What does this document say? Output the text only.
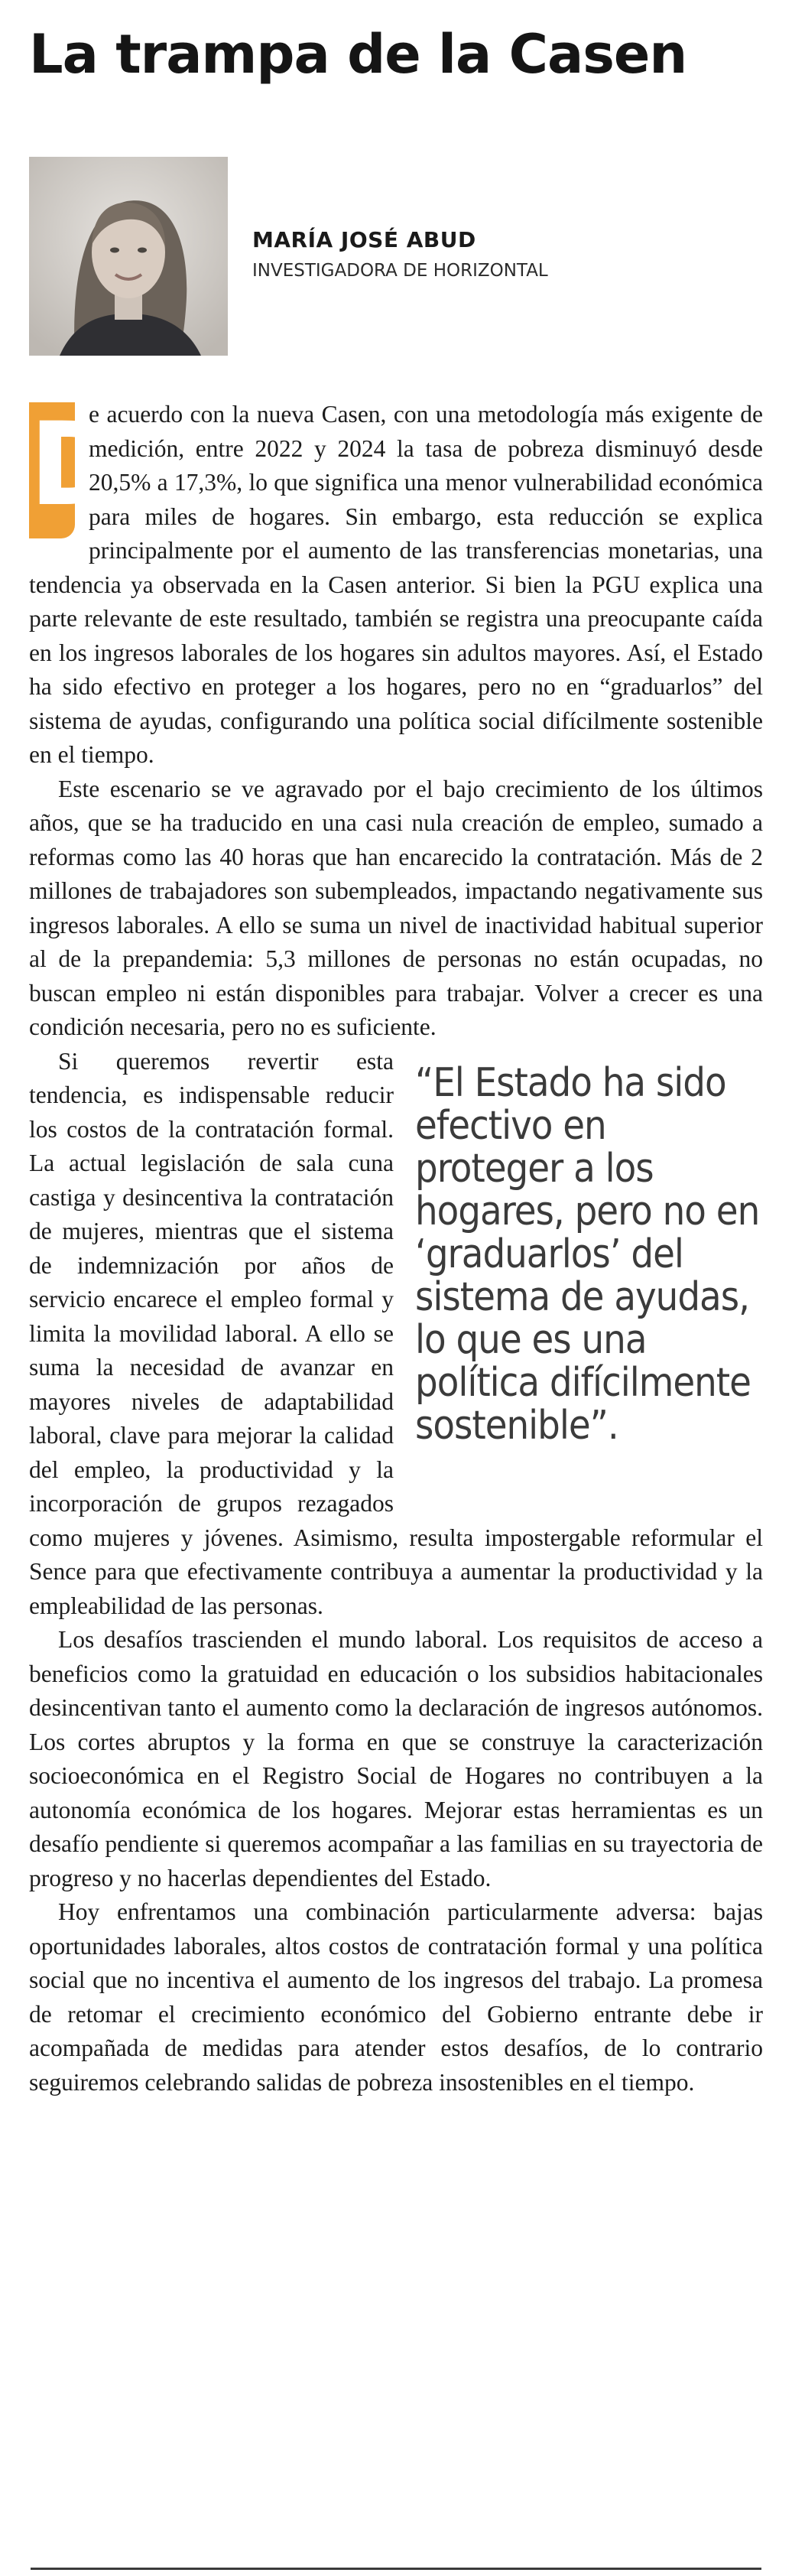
La trampa de la Casen
MARÍA JOSÉ ABUD
INVESTIGADORA DE HORIZONTAL

D
e acuerdo con la nueva Casen, con una metodología más exigente de medición, entre 2022 y 2024 la tasa de pobreza disminuyó desde 20,5% a 17,3%, lo que significa una menor vulnerabilidad económica para miles de hogares. Sin embargo, esta reducción se explica principalmente por el aumento de las transferencias monetarias, una tendencia ya observada en la Casen anterior. Si bien la PGU explica una parte relevante de este resultado, también se registra una preocupante caída en los ingresos laborales de los hogares sin adultos mayores. Así, el Estado ha sido efectivo en proteger a los hogares, pero no en “graduarlos” del sistema de ayudas, configurando una política social difícilmente sostenible en el tiempo.

Este escenario se ve agravado por el bajo crecimiento de los últimos años, que se ha traducido en una casi nula creación de empleo, sumado a reformas como las 40 horas que han encarecido la contratación. Más de 2 millones de trabajadores son subempleados, impactando negativamente sus ingresos laborales. A ello se suma un nivel de inactividad habitual superior al de la prepandemia: 5,3 millones de personas no están ocupadas, no buscan empleo ni están disponibles para trabajar. Volver a crecer es una condición necesaria, pero no es suficiente.

“El Estado ha sido efectivo en proteger a los hogares, pero no en ‘graduarlos’ del sistema de ayudas, lo que es una política difícilmente sostenible”.
Si queremos revertir esta tendencia, es indispensable reducir los costos de la contratación formal. La actual legislación de sala cuna castiga y desincentiva la contratación de mujeres, mientras que el sistema de indemnización por años de servicio encarece el empleo formal y limita la movilidad laboral. A ello se suma la necesidad de avanzar en mayores niveles de adaptabilidad laboral, clave para mejorar la calidad del empleo, la productividad y la incorporación de grupos rezagados como mujeres y jóvenes. Asimismo, resulta impostergable reformular el Sence para que efectivamente contribuya a aumentar la productividad y la empleabilidad de las personas.

Los desafíos trascienden el mundo laboral. Los requisitos de acceso a beneficios como la gratuidad en educación o los subsidios habitacionales desincentivan tanto el aumento como la declaración de ingresos autónomos. Los cortes abruptos y la forma en que se construye la caracterización socioeconómica en el Registro Social de Hogares no contribuyen a la autonomía económica de los hogares. Mejorar estas herramientas es un desafío pendiente si queremos acompañar a las familias en su trayectoria de progreso y no hacerlas dependientes del Estado.

Hoy enfrentamos una combinación particularmente adversa: bajas oportunidades laborales, altos costos de contratación formal y una política social que no incentiva el aumento de los ingresos del trabajo. La promesa de retomar el crecimiento económico del Gobierno entrante debe ir acompañada de medidas para atender estos desafíos, de lo contrario seguiremos celebrando salidas de pobreza insostenibles en el tiempo.
